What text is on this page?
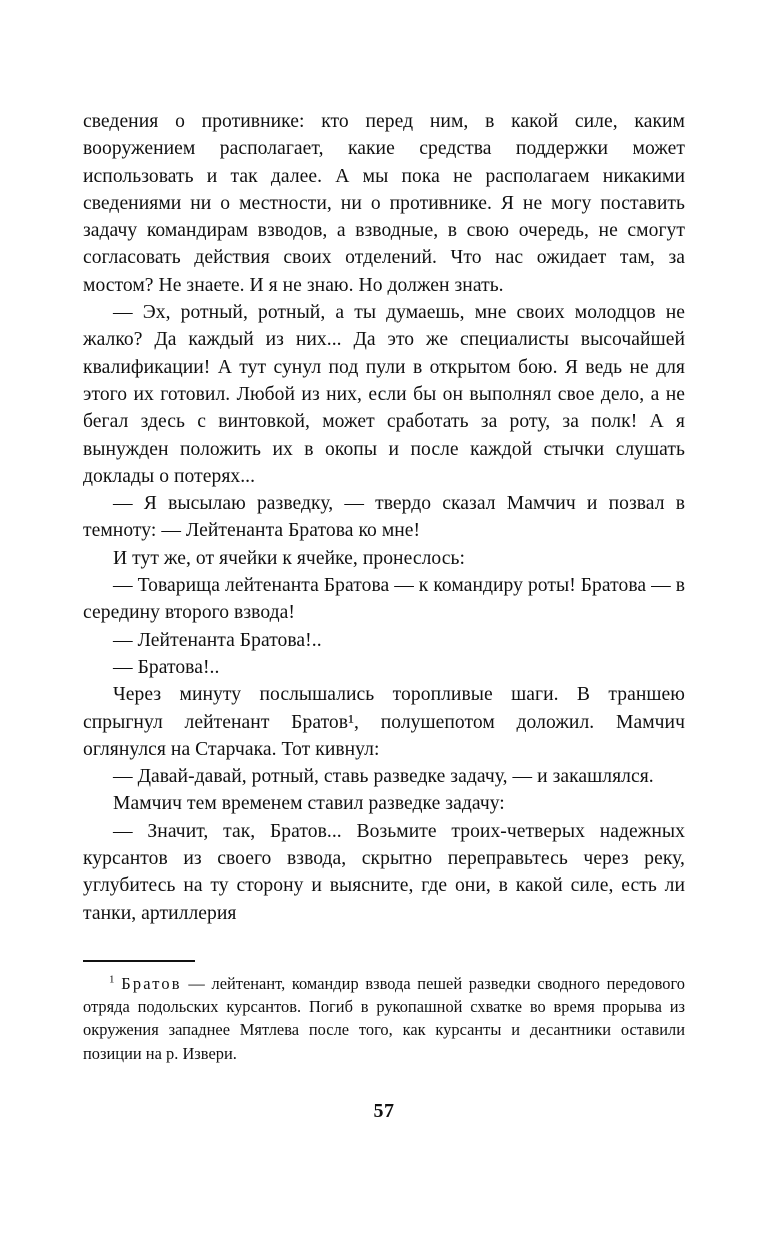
сведения о противнике: кто перед ним, в какой силе, каким вооружением располагает, какие средства поддержки может использовать и так далее. А мы пока не располагаем никакими сведениями ни о местности, ни о противнике. Я не могу поставить задачу командирам взводов, а взводные, в свою очередь, не смогут согласовать действия своих отделений. Что нас ожидает там, за мостом? Не знаете. И я не знаю. Но должен знать.

— Эх, ротный, ротный, а ты думаешь, мне своих молодцов не жалко? Да каждый из них... Да это же специалисты высочайшей квалификации! А тут сунул под пули в открытом бою. Я ведь не для этого их готовил. Любой из них, если бы он выполнял свое дело, а не бегал здесь с винтовкой, может сработать за роту, за полк! А я вынужден положить их в окопы и после каждой стычки слушать доклады о потерях...

— Я высылаю разведку, — твердо сказал Мамчич и позвал в темноту: — Лейтенанта Братова ко мне!

И тут же, от ячейки к ячейке, пронеслось:

— Товарища лейтенанта Братова — к командиру роты! Братова — в середину второго взвода!

— Лейтенанта Братова!..

— Братова!..

Через минуту послышались торопливые шаги. В траншею спрыгнул лейтенант Братов¹, полушепотом доложил. Мамчич оглянулся на Старчака. Тот кивнул:

— Давай-давай, ротный, ставь разведке задачу, — и закашлялся.

Мамчич тем временем ставил разведке задачу:

— Значит, так, Братов... Возьмите троих-четверых надежных курсантов из своего взвода, скрытно переправьтесь через реку, углубитесь на ту сторону и выясните, где они, в какой силе, есть ли танки, артиллерия

$^1$ Братов — лейтенант, командир взвода пешей разведки сводного передового отряда подольских курсантов. Погиб в рукопашной схватке во время прорыва из окружения западнее Мятлева после того, как курсанты и десантники оставили позиции на р. Извери.

57
